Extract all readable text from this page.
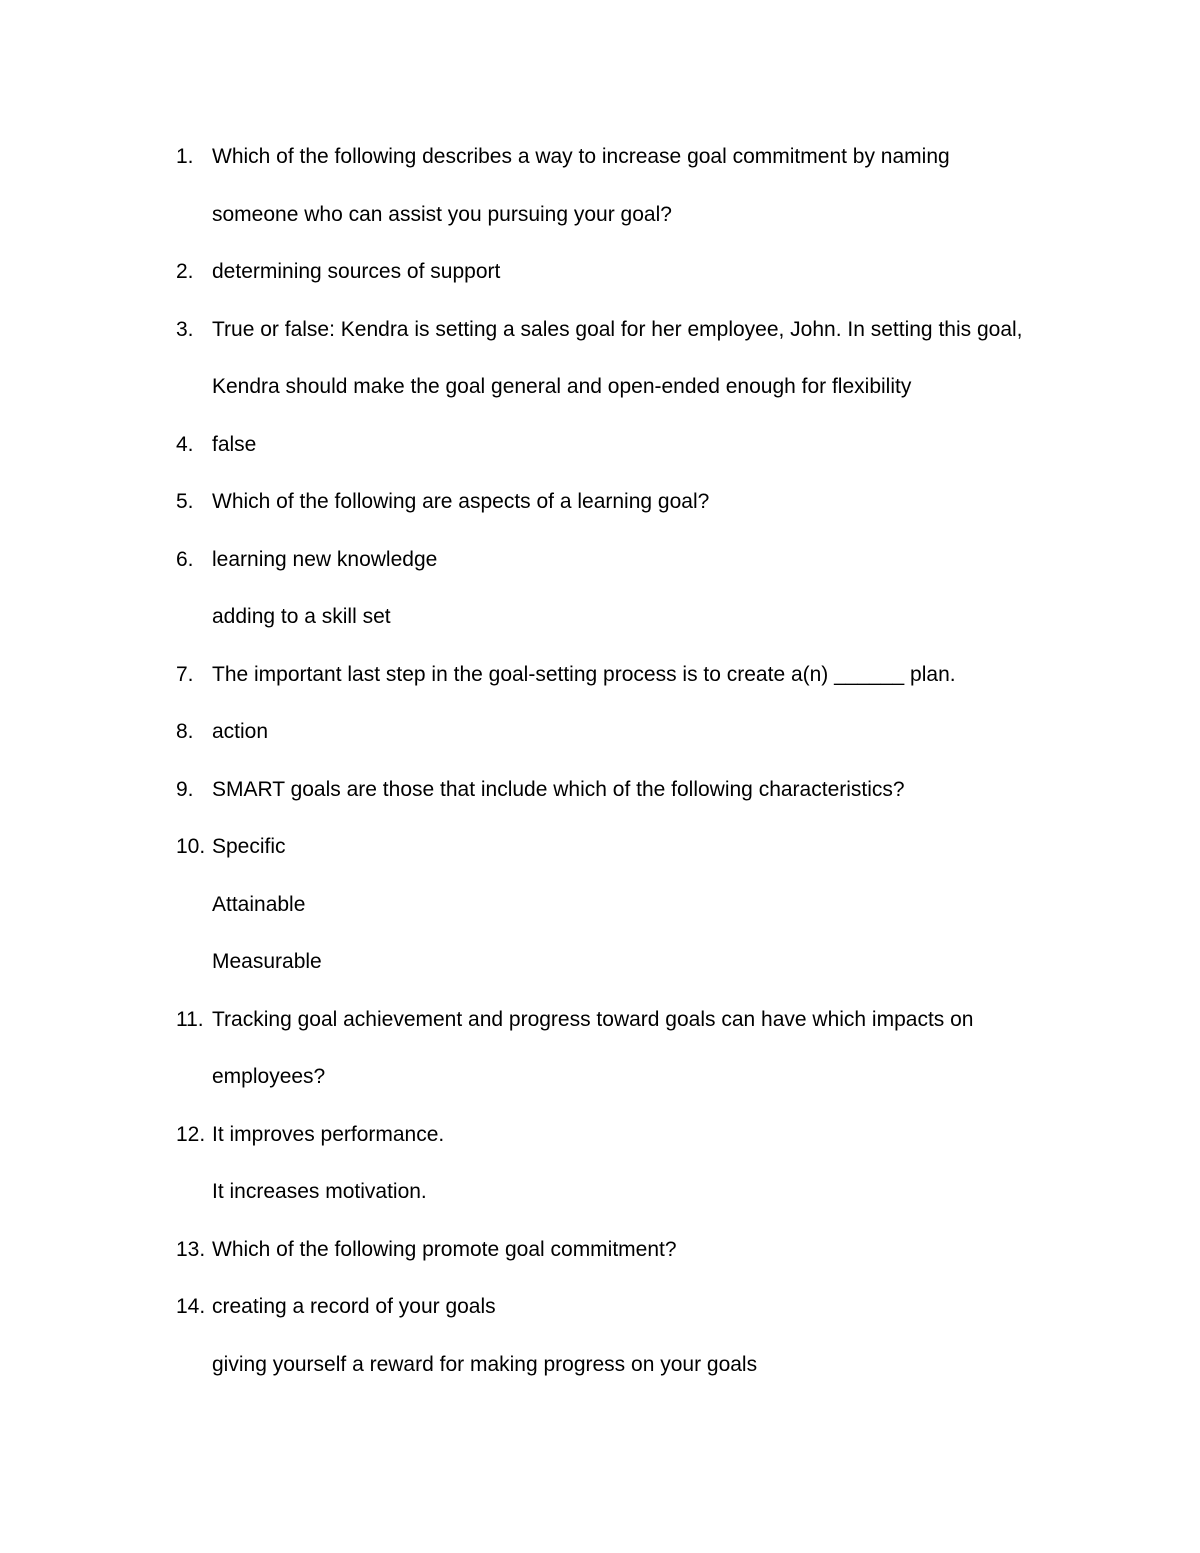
1. Which of the following describes a way to increase goal commitment by naming
someone who can assist you pursuing your goal?
2. determining sources of support
3. True or false: Kendra is setting a sales goal for her employee, John. In setting this goal,
Kendra should make the goal general and open-ended enough for flexibility
4. false
5. Which of the following are aspects of a learning goal?
6. learning new knowledge
adding to a skill set
7. The important last step in the goal-setting process is to create a(n) ______ plan.
8. action
9. SMART goals are those that include which of the following characteristics?
10. Specific
Attainable
Measurable
11. Tracking goal achievement and progress toward goals can have which impacts on
employees?
12. It improves performance.
It increases motivation.
13. Which of the following promote goal commitment?
14. creating a record of your goals
giving yourself a reward for making progress on your goals
